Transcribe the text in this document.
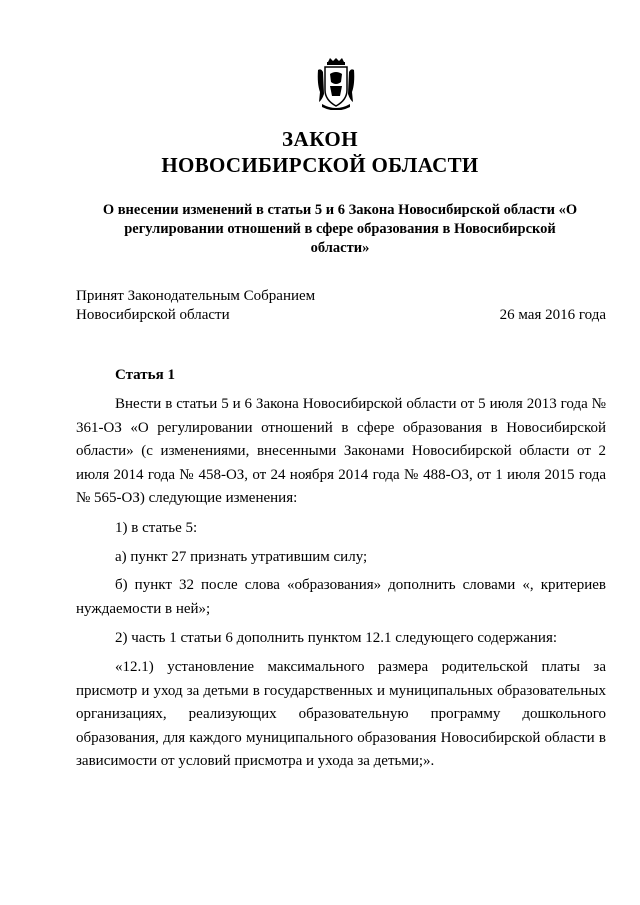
ЗАКОН
НОВОСИБИРСКОЙ ОБЛАСТИ
О внесении изменений в статьи 5 и 6 Закона Новосибирской области «О регулировании отношений в сфере образования в Новосибирской области»
Принят Законодательным Собранием
Новосибирской области	26 мая 2016 года
Статья 1

Внести в статьи 5 и 6 Закона Новосибирской области от 5 июля 2013 года № 361-ОЗ «О регулировании отношений в сфере образования в Новосибирской области» (с изменениями, внесенными Законами Новосибирской области от 2 июля 2014 года № 458-ОЗ, от 24 ноября 2014 года № 488-ОЗ, от 1 июля 2015 года № 565-ОЗ) следующие изменения:

1) в статье 5:

а) пункт 27 признать утратившим силу;

б) пункт 32 после слова «образования» дополнить словами «, критериев нуждаемости в ней»;

2) часть 1 статьи 6 дополнить пунктом 12.1 следующего содержания:

«12.1) установление максимального размера родительской платы за присмотр и уход за детьми в государственных и муниципальных образовательных организациях, реализующих образовательную программу дошкольного образования, для каждого муниципального образования Новосибирской области в зависимости от условий присмотра и ухода за детьми;».
